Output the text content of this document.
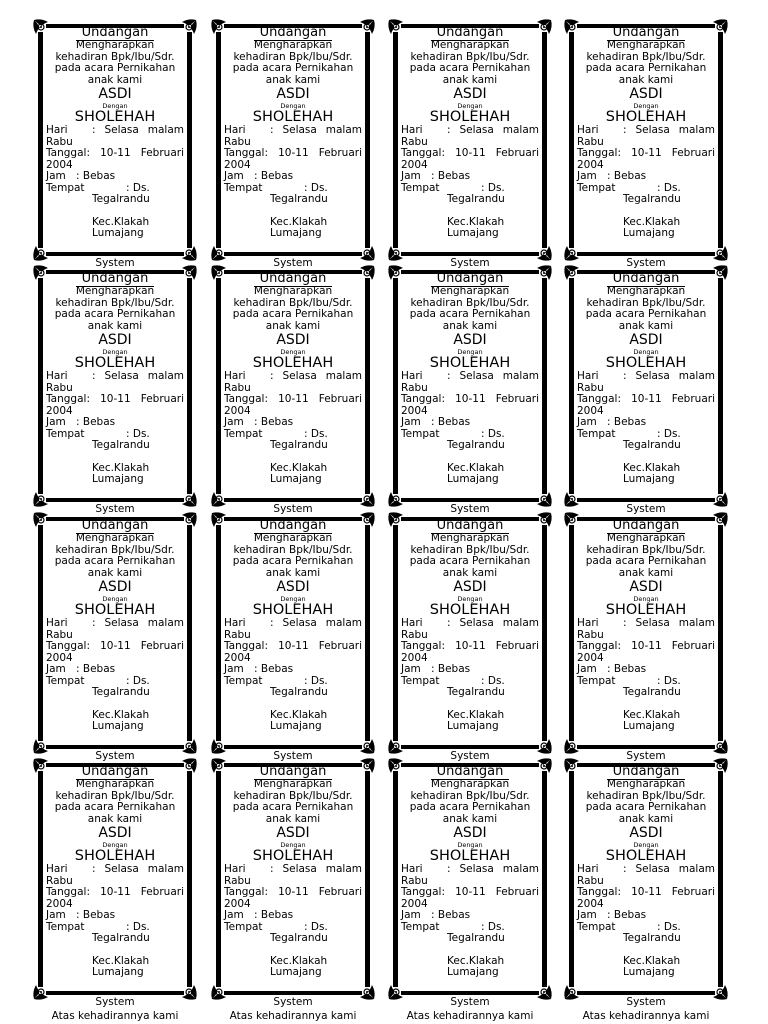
Undangan
Mengharapkan
kehadiran Bpk/Ibu/Sdr.
pada acara Pernikahan
anak kami
ASDI
Dengan
SHOLEHAH
Hari	: Selasa malam
Rabu
Tanggal : 10-11 Februari
2004
Jam : Bebas
Tempat	: Ds.
Tegalrandu
Kec.Klakah
Lumajang
System
Undangan
Mengharapkan
kehadiran Bpk/Ibu/Sdr.
pada acara Pernikahan
anak kami
ASDI
Dengan
SHOLEHAH
Hari	: Selasa malam
Rabu
Tanggal : 10-11 Februari
2004
Jam : Bebas
Tempat	: Ds.
Tegalrandu
Kec.Klakah
Lumajang
System
Undangan
Mengharapkan
kehadiran Bpk/Ibu/Sdr.
pada acara Pernikahan
anak kami
ASDI
Dengan
SHOLEHAH
Hari	: Selasa malam
Rabu
Tanggal : 10-11 Februari
2004
Jam : Bebas
Tempat	: Ds.
Tegalrandu
Kec.Klakah
Lumajang
System
Undangan
Mengharapkan
kehadiran Bpk/Ibu/Sdr.
pada acara Pernikahan
anak kami
ASDI
Dengan
SHOLEHAH
Hari	: Selasa malam
Rabu
Tanggal : 10-11 Februari
2004
Jam : Bebas
Tempat	: Ds.
Tegalrandu
Kec.Klakah
Lumajang
System
Undangan
Mengharapkan
kehadiran Bpk/Ibu/Sdr.
pada acara Pernikahan
anak kami
ASDI
Dengan
SHOLEHAH
Hari	: Selasa malam
Rabu
Tanggal : 10-11 Februari
2004
Jam : Bebas
Tempat	: Ds.
Tegalrandu
Kec.Klakah
Lumajang
System
Undangan
Mengharapkan
kehadiran Bpk/Ibu/Sdr.
pada acara Pernikahan
anak kami
ASDI
Dengan
SHOLEHAH
Hari	: Selasa malam
Rabu
Tanggal : 10-11 Februari
2004
Jam : Bebas
Tempat	: Ds.
Tegalrandu
Kec.Klakah
Lumajang
System
Undangan
Mengharapkan
kehadiran Bpk/Ibu/Sdr.
pada acara Pernikahan
anak kami
ASDI
Dengan
SHOLEHAH
Hari	: Selasa malam
Rabu
Tanggal : 10-11 Februari
2004
Jam : Bebas
Tempat	: Ds.
Tegalrandu
Kec.Klakah
Lumajang
System
Undangan
Mengharapkan
kehadiran Bpk/Ibu/Sdr.
pada acara Pernikahan
anak kami
ASDI
Dengan
SHOLEHAH
Hari	: Selasa malam
Rabu
Tanggal : 10-11 Februari
2004
Jam : Bebas
Tempat	: Ds.
Tegalrandu
Kec.Klakah
Lumajang
System
Undangan
Mengharapkan
kehadiran Bpk/Ibu/Sdr.
pada acara Pernikahan
anak kami
ASDI
Dengan
SHOLEHAH
Hari	: Selasa malam
Rabu
Tanggal : 10-11 Februari
2004
Jam : Bebas
Tempat	: Ds.
Tegalrandu
Kec.Klakah
Lumajang
System
Undangan
Mengharapkan
kehadiran Bpk/Ibu/Sdr.
pada acara Pernikahan
anak kami
ASDI
Dengan
SHOLEHAH
Hari	: Selasa malam
Rabu
Tanggal : 10-11 Februari
2004
Jam : Bebas
Tempat	: Ds.
Tegalrandu
Kec.Klakah
Lumajang
System
Undangan
Mengharapkan
kehadiran Bpk/Ibu/Sdr.
pada acara Pernikahan
anak kami
ASDI
Dengan
SHOLEHAH
Hari	: Selasa malam
Rabu
Tanggal : 10-11 Februari
2004
Jam : Bebas
Tempat	: Ds.
Tegalrandu
Kec.Klakah
Lumajang
System
Undangan
Mengharapkan
kehadiran Bpk/Ibu/Sdr.
pada acara Pernikahan
anak kami
ASDI
Dengan
SHOLEHAH
Hari	: Selasa malam
Rabu
Tanggal : 10-11 Februari
2004
Jam : Bebas
Tempat	: Ds.
Tegalrandu
Kec.Klakah
Lumajang
System
Undangan
Mengharapkan
kehadiran Bpk/Ibu/Sdr.
pada acara Pernikahan
anak kami
ASDI
Dengan
SHOLEHAH
Hari	: Selasa malam
Rabu
Tanggal : 10-11 Februari
2004
Jam : Bebas
Tempat	: Ds.
Tegalrandu
Kec.Klakah
Lumajang
System
Undangan
Mengharapkan
kehadiran Bpk/Ibu/Sdr.
pada acara Pernikahan
anak kami
ASDI
Dengan
SHOLEHAH
Hari	: Selasa malam
Rabu
Tanggal : 10-11 Februari
2004
Jam : Bebas
Tempat	: Ds.
Tegalrandu
Kec.Klakah
Lumajang
System
Undangan
Mengharapkan
kehadiran Bpk/Ibu/Sdr.
pada acara Pernikahan
anak kami
ASDI
Dengan
SHOLEHAH
Hari	: Selasa malam
Rabu
Tanggal : 10-11 Februari
2004
Jam : Bebas
Tempat	: Ds.
Tegalrandu
Kec.Klakah
Lumajang
System
Undangan
Mengharapkan
kehadiran Bpk/Ibu/Sdr.
pada acara Pernikahan
anak kami
ASDI
Dengan
SHOLEHAH
Hari	: Selasa malam
Rabu
Tanggal : 10-11 Februari
2004
Jam : Bebas
Tempat	: Ds.
Tegalrandu
Kec.Klakah
Lumajang
System
Atas kehadirannya kami	Atas kehadirannya kami	Atas kehadirannya kami	Atas kehadirannya kami
